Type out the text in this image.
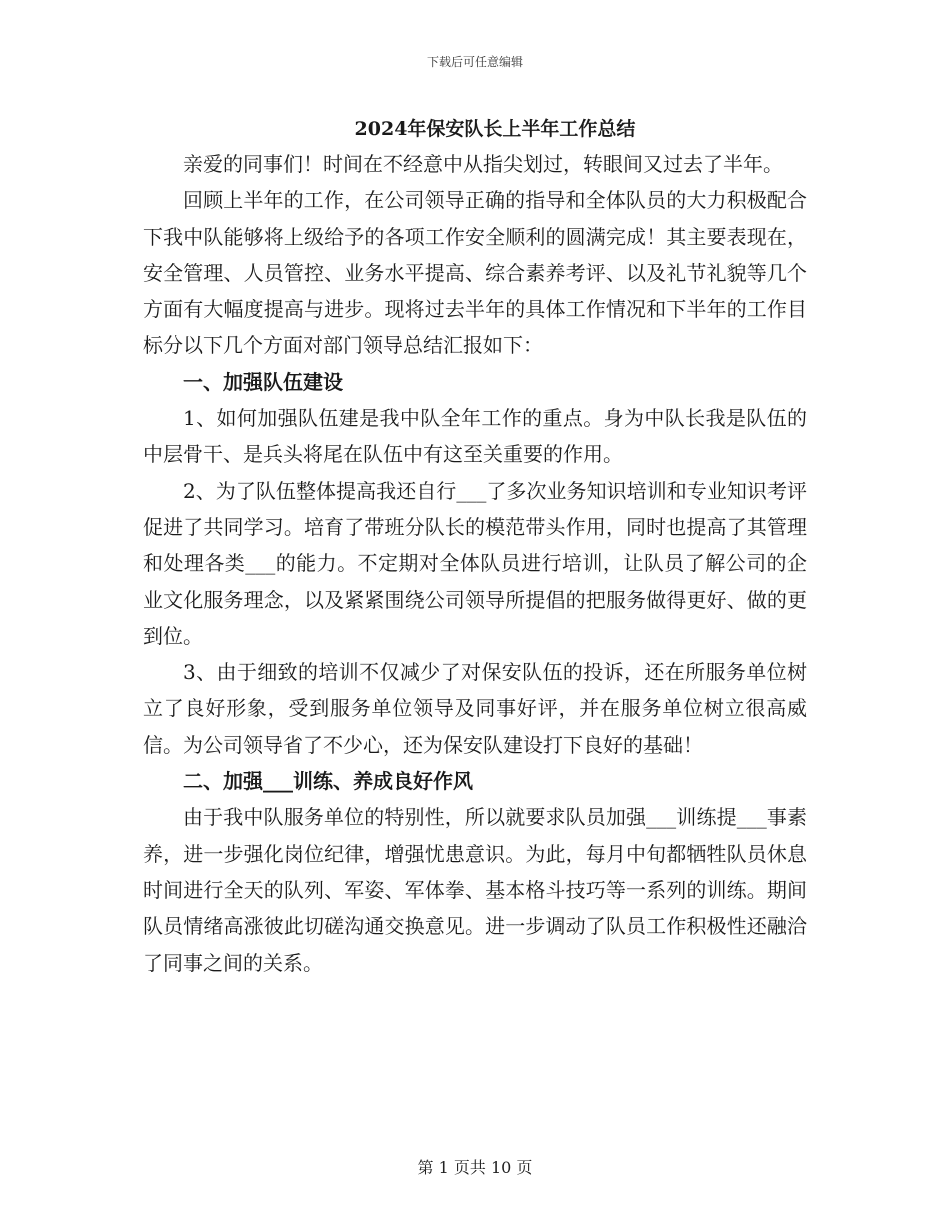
下载后可任意编辑
2024年保安队长上半年工作总结

亲爱的同事们！时间在不经意中从指尖划过，转眼间又过去了半年。

回顾上半年的工作，在公司领导正确的指导和全体队员的大力积极配合下我中队能够将上级给予的各项工作安全顺利的圆满完成！其主要表现在，安全管理、人员管控、业务水平提高、综合素养考评、以及礼节礼貌等几个方面有大幅度提高与进步。现将过去半年的具体工作情况和下半年的工作目标分以下几个方面对部门领导总结汇报如下：

一、加强队伍建设

1、如何加强队伍建是我中队全年工作的重点。身为中队长我是队伍的中层骨干、是兵头将尾在队伍中有这至关重要的作用。

2、为了队伍整体提高我还自行___了多次业务知识培训和专业知识考评促进了共同学习。培育了带班分队长的模范带头作用，同时也提高了其管理和处理各类___的能力。不定期对全体队员进行培训，让队员了解公司的企业文化服务理念，以及紧紧围绕公司领导所提倡的把服务做得更好、做的更到位。

3、由于细致的培训不仅减少了对保安队伍的投诉，还在所服务单位树立了良好形象，受到服务单位领导及同事好评，并在服务单位树立很高威信。为公司领导省了不少心，还为保安队建设打下良好的基础！

二、加强___训练、养成良好作风

由于我中队服务单位的特别性，所以就要求队员加强___训练提___事素养，进一步强化岗位纪律，增强忧患意识。为此，每月中旬都牺牲队员休息时间进行全天的队列、军姿、军体拳、基本格斗技巧等一系列的训练。期间队员情绪高涨彼此切磋沟通交换意见。进一步调动了队员工作积极性还融洽了同事之间的关系。

第 1 页共 10 页
